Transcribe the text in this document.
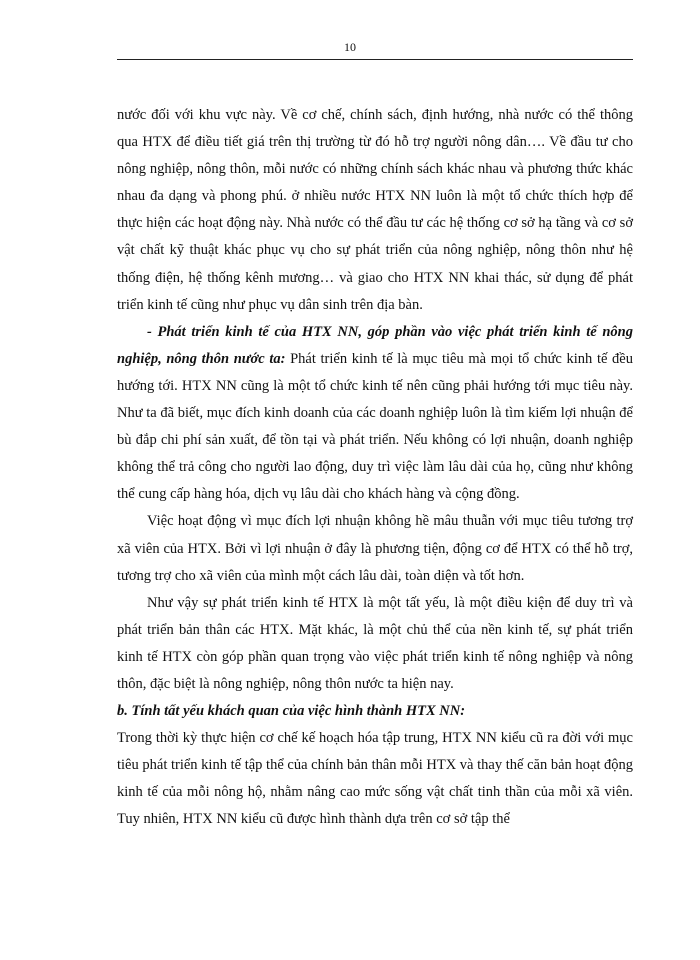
10

nước đối với khu vực này. Về cơ chế, chính sách, định hướng, nhà nước có thể thông qua HTX để điều tiết giá trên thị trường từ đó hỗ trợ người nông dân…. Về đầu tư cho nông nghiệp, nông thôn, mỗi nước có những chính sách khác nhau và phương thức khác nhau đa dạng và phong phú. ở nhiều nước HTX NN luôn là một tổ chức thích hợp để thực hiện các hoạt động này. Nhà nước có thể đầu tư các hệ thống cơ sở hạ tầng và cơ sở vật chất kỹ thuật khác phục vụ cho sự phát triển của nông nghiệp, nông thôn như hệ thống điện, hệ thống kênh mương… và giao cho HTX NN khai thác, sử dụng để phát triển kinh tế cũng như phục vụ dân sinh trên địa bàn.

- Phát triển kinh tế của HTX NN, góp phần vào việc phát triển kinh tế nông nghiệp, nông thôn nước ta: Phát triển kinh tế là mục tiêu mà mọi tổ chức kinh tế đều hướng tới. HTX NN cũng là một tổ chức kinh tế nên cũng phải hướng tới mục tiêu này. Như ta đã biết, mục đích kinh doanh của các doanh nghiệp luôn là tìm kiếm lợi nhuận để bù đắp chi phí sản xuất, để tồn tại và phát triển. Nếu không có lợi nhuận, doanh nghiệp không thể trả công cho người lao động, duy trì việc làm lâu dài của họ, cũng như không thể cung cấp hàng hóa, dịch vụ lâu dài cho khách hàng và cộng đồng.

Việc hoạt động vì mục đích lợi nhuận không hề mâu thuẫn với mục tiêu tương trợ xã viên của HTX. Bởi vì lợi nhuận ở đây là phương tiện, động cơ để HTX có thể hỗ trợ, tương trợ cho xã viên của mình một cách lâu dài, toàn diện và tốt hơn.

Như vậy sự phát triển kinh tế HTX là một tất yếu, là một điều kiện để duy trì và phát triển bản thân các HTX. Mặt khác, là một chủ thể của nền kinh tế, sự phát triển kinh tế HTX còn góp phần quan trọng vào việc phát triển kinh tế nông nghiệp và nông thôn, đặc biệt là nông nghiệp, nông thôn nước ta hiện nay.

b. Tính tất yếu khách quan của việc hình thành HTX NN:

Trong thời kỳ thực hiện cơ chế kế hoạch hóa tập trung, HTX NN kiểu cũ ra đời với mục tiêu phát triển kinh tế tập thể của chính bản thân mỗi HTX và thay thế căn bản hoạt động kinh tế của mỗi nông hộ, nhằm nâng cao mức sống vật chất tinh thần của mỗi xã viên. Tuy nhiên, HTX NN kiểu cũ được hình thành dựa trên cơ sở tập thể
